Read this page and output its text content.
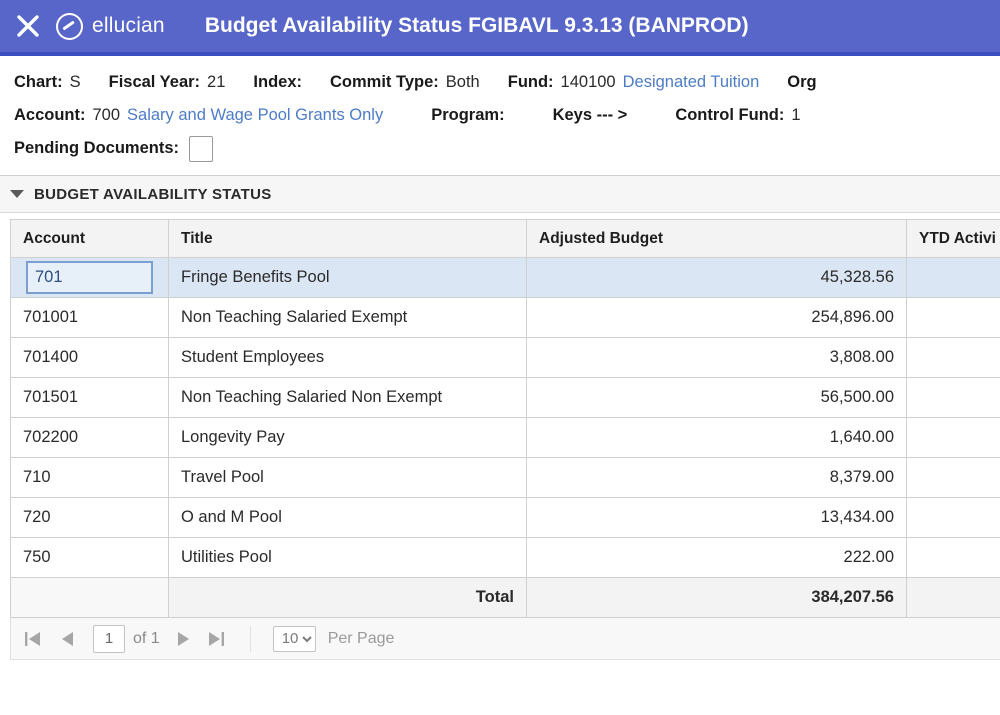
ellucian Budget Availability Status FGIBAVL 9.3.13 (BANPROD)
Chart: S Fiscal Year: 21 Index: Commit Type: Both Fund: 140100 Designated Tuition Org
Account: 700 Salary and Wage Pool Grants Only	Program:	Keys --- >	Control Fund: 1
Pending Documents:
BUDGET AVAILABILITY STATUS
Account	Title	Adjusted Budget	YTD Activi

701	Fringe Benefits Pool	45,328.56	
701001	Non Teaching Salaried Exempt	254,896.00	
701400	Student Employees	3,808.00	
701501	Non Teaching Salaried Non Exempt	56,500.00	
702200	Longevity Pay	1,640.00	
710	Travel Pool	8,379.00	
720	O and M Pool	13,434.00	
750	Utilities Pool	222.00	
	Total	384,207.56	
1
of 1
10	Per Page
